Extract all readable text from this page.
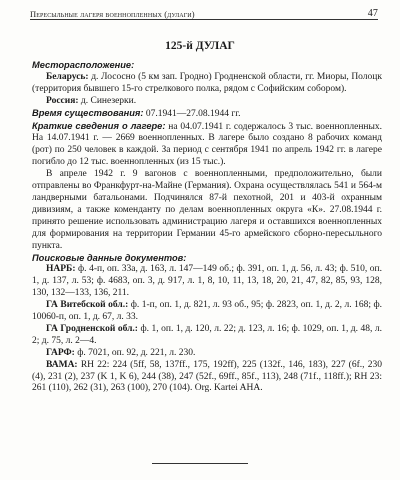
Пересыльные лагеря военнопленных (дулаги)	47
125-й ДУЛАГ

Месторасположение:

Беларусь: д. Лососно (5 км зап. Гродно) Гродненской области, гг. Миоры, Полоцк (территория бывшего 15-го стрелкового полка, рядом с Софийским собором).

Россия: д. Синезерки.

Время существования: 07.1941—27.08.1944 гг.

Краткие сведения о лагере: на 04.07.1941 г. содержалось 3 тыс. военнопленных. На 14.07.1941 г. — 2669 военнопленных. В лагере было создано 8 рабочих команд (рот) по 250 человек в каждой. За период с сентября 1941 по апрель 1942 гг. в лагере погибло до 12 тыс. военнопленных (из 15 тыс.).

В апреле 1942 г. 9 вагонов с военнопленными, предположительно, были отправлены во Франкфурт-на-Майне (Германия). Охрана осуществлялась 541 и 564-м ландверными батальонами. Подчинялся 87-й пехотной, 201 и 403-й охранным дивизиям, а также коменданту по делам военнопленных округа «К». 27.08.1944 г. принято решение использовать администрацию лагеря и оставшихся военнопленных для формирования на территории Германии 45-го армейского сборно-пересыльного пункта.

Поисковые данные документов:

НАРБ: ф. 4-п, оп. 33а, д. 163, л. 147—149 об.; ф. 391, оп. 1, д. 56, л. 43; ф. 510, оп. 1, д. 137, л. 53; ф. 4683, оп. 3, д. 917, л. 1, 8, 10, 11, 13, 18, 20, 21, 47, 82, 85, 93, 128, 130, 132—133, 136, 211.

ГА Витебской обл.: ф. 1-п, оп. 1, д. 821, л. 93 об., 95; ф. 2823, оп. 1, д. 2, л. 168; ф. 10060-п, оп. 1, д. 67, л. 33.

ГА Гродненской обл.: ф. 1, оп. 1, д. 120, л. 22; д. 123, л. 16; ф. 1029, оп. 1, д. 48, л. 2; д. 75, л. 2—4.

ГАРФ: ф. 7021, оп. 92, д. 221, л. 230.

ВАМА: RH 22: 224 (5ff, 58, 137ff., 175, 192ff), 225 (132f., 146, 183), 227 (6f., 230 (4), 231 (2), 237 (K 1, K 6), 244 (38), 247 (52f., 69ff., 85f., 113), 248 (71f., 118ff.); RH 23: 261 (110), 262 (31), 263 (100), 270 (104). Org. Kartei AHA.
